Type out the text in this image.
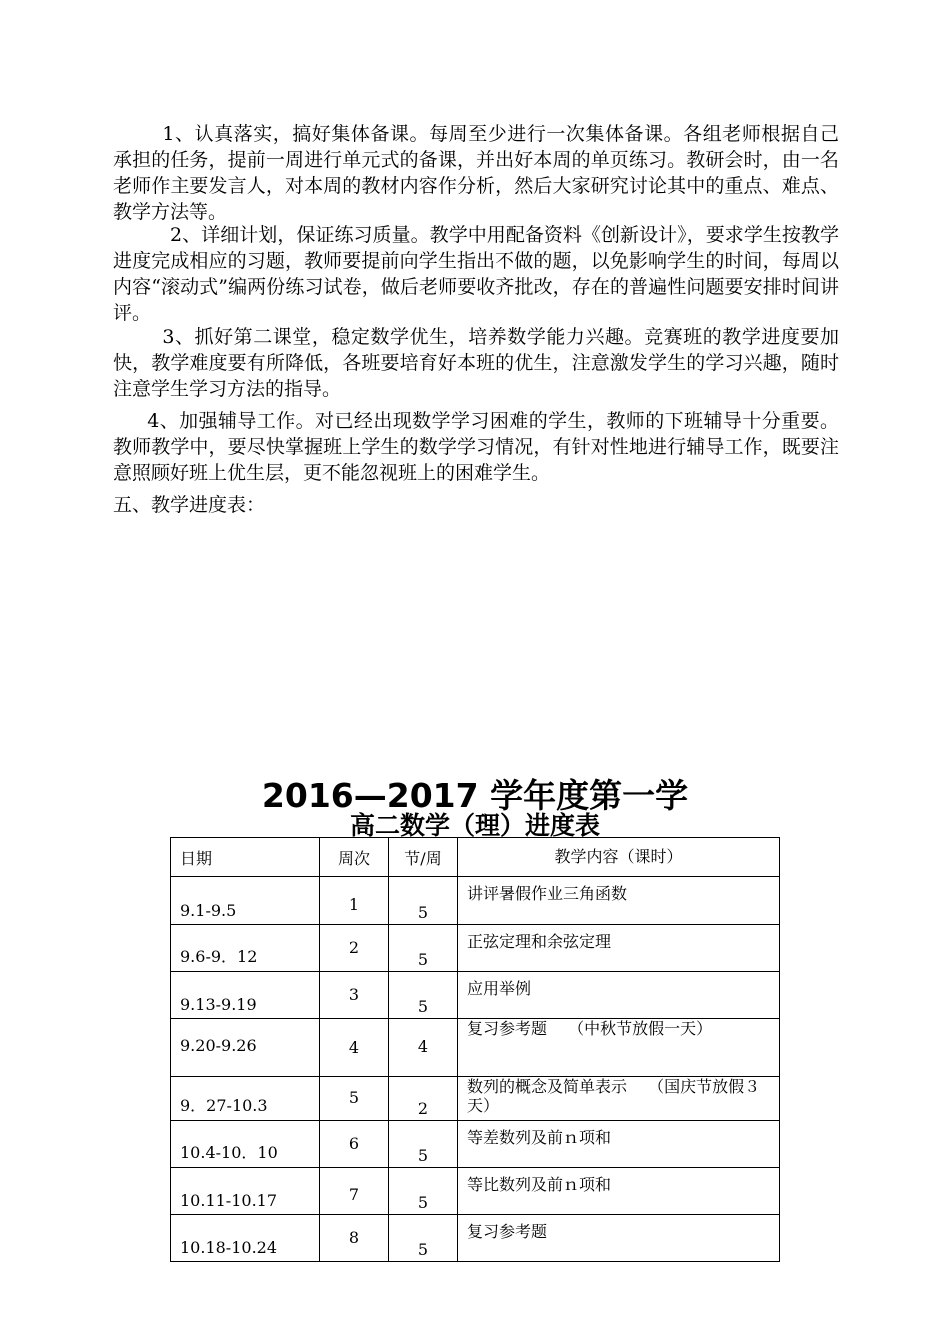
1、认真落实，搞好集体备课。每周至少进行一次集体备课。各组老师根据自己承担的任务，提前一周进行单元式的备课，并出好本周的单页练习。教研会时，由一名老师作主要发言人，对本周的教材内容作分析，然后大家研究讨论其中的重点、难点、教学方法等。

2、详细计划，保证练习质量。教学中用配备资料《创新设计》，要求学生按教学进度完成相应的习题，教师要提前向学生指出不做的题，以免影响学生的时间，每周以内容“滚动式”编两份练习试卷，做后老师要收齐批改，存在的普遍性问题要安排时间讲评。

3、抓好第二课堂，稳定数学优生，培养数学能力兴趣。竞赛班的教学进度要加快，教学难度要有所降低，各班要培育好本班的优生，注意激发学生的学习兴趣，随时注意学生学习方法的指导。

4、加强辅导工作。对已经出现数学学习困难的学生，教师的下班辅导十分重要。教师教学中，要尽快掌握班上学生的数学学习情况，有针对性地进行辅导工作，既要注意照顾好班上优生层，更不能忽视班上的困难学生。

五、教学进度表：

2016—2017 学年度第一学

高二数学（理）进度表

日期	周次	节/周	教学内容（课时）
9.1-9.5	1	5	讲评暑假作业三角函数
9.6-9．12	2	5	正弦定理和余弦定理
9.13-9.19	3	5	应用举例
9.20-9.26	4	4	复习参考题　 （中秋节放假一天）
9．27-10.3	5	2	数列的概念及简单表示　 （国庆节放假３天）
10.4-10．10	6	5	等差数列及前ｎ项和
10.11-10.17	7	5	等比数列及前ｎ项和
10.18-10.24	8	5	复习参考题
